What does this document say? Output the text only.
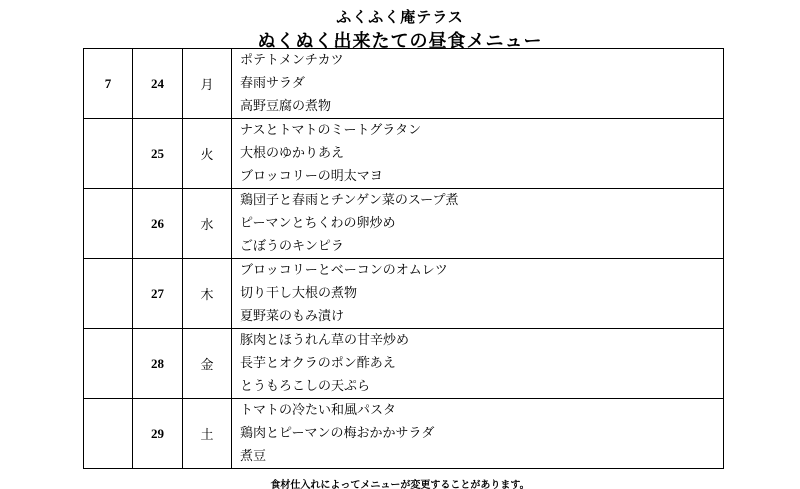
ふくふく庵テラス
ぬくぬく出来たての昼食メニュー
7	24	月	ポテトメンチカツ
春雨サラダ
高野豆腐の煮物

	25	火	ナスとトマトのミートグラタン
大根のゆかりあえ
ブロッコリーの明太マヨ

	26	水	鶏団子と春雨とチンゲン菜のスープ煮
ピーマンとちくわの卵炒め
ごぼうのキンピラ

	27	木	ブロッコリーとベーコンのオムレツ
切り干し大根の煮物
夏野菜のもみ漬け

	28	金	豚肉とほうれん草の甘辛炒め
長芋とオクラのポン酢あえ
とうもろこしの天ぷら

	29	土	トマトの冷たい和風パスタ
鶏肉とピーマンの梅おかかサラダ
煮豆
食材仕入れによってメニューが変更することがあります。
